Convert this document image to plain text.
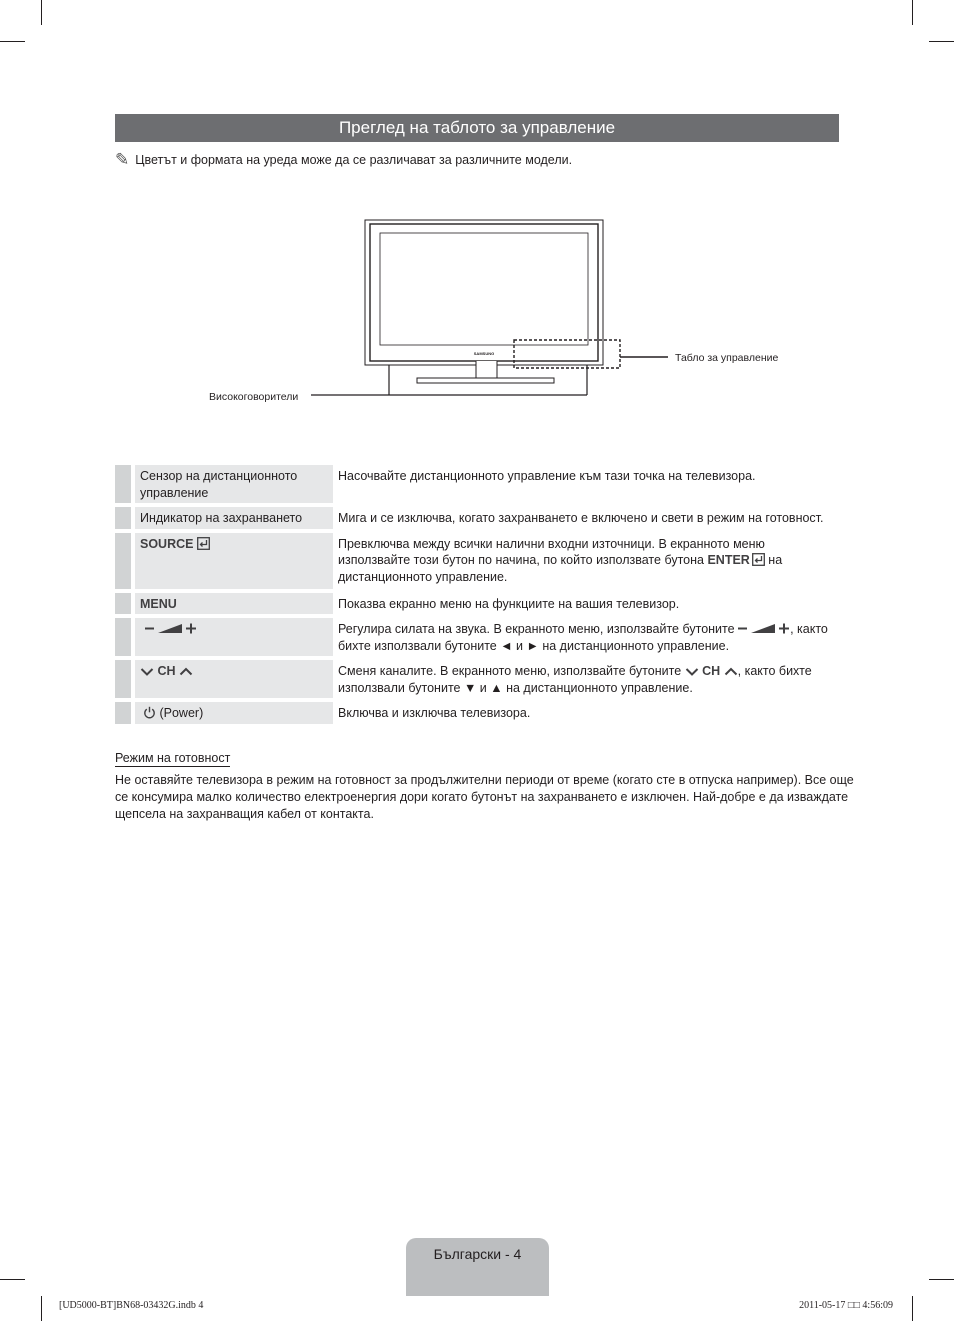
Преглед на таблото за управление
✎ Цветът и формата на уреда може да се различават за различните модели.
SAMSUNG	Табло за управление
Високоговорители
	Сензор на дистанционното управление	Насочвайте дистанционното управление към тази точка на телевизора.
	Индикатор на захранването	Мига и се изключва, когато захранването е включено и свети в режим на готовност.
	SOURCE	Превключва между всички налични входни източници. В екранното меню използвайте този бутон по начина, по който използвате бутона ENTER на дистанционното управление.
	MENU	Показва екранно меню на функциите на вашия телевизор.
		Регулира силата на звука. В екранното меню, използвайте бутоните , както бихте използвали бутоните ◄ и ► на дистанционното управление.
	CH	Сменя каналите. В екранното меню, използвайте бутоните  CH , както бихте използвали бутоните ▼ и ▲ на дистанционното управление.
	(Power)	Включва и изключва телевизора.
Режим на готовност

Не оставяйте телевизора в режим на готовност за продължителни периоди от време (когато сте в отпуска например). Все още се консумира малко количество електроенергия дори когато бутонът на захранването е изключен. Най-добре е да изваждате щепсела на захранващия кабел от контакта.

Български - 4
[UD5000-BT]BN68-03432G.indb 4	2011-05-17 □□ 4:56:09
